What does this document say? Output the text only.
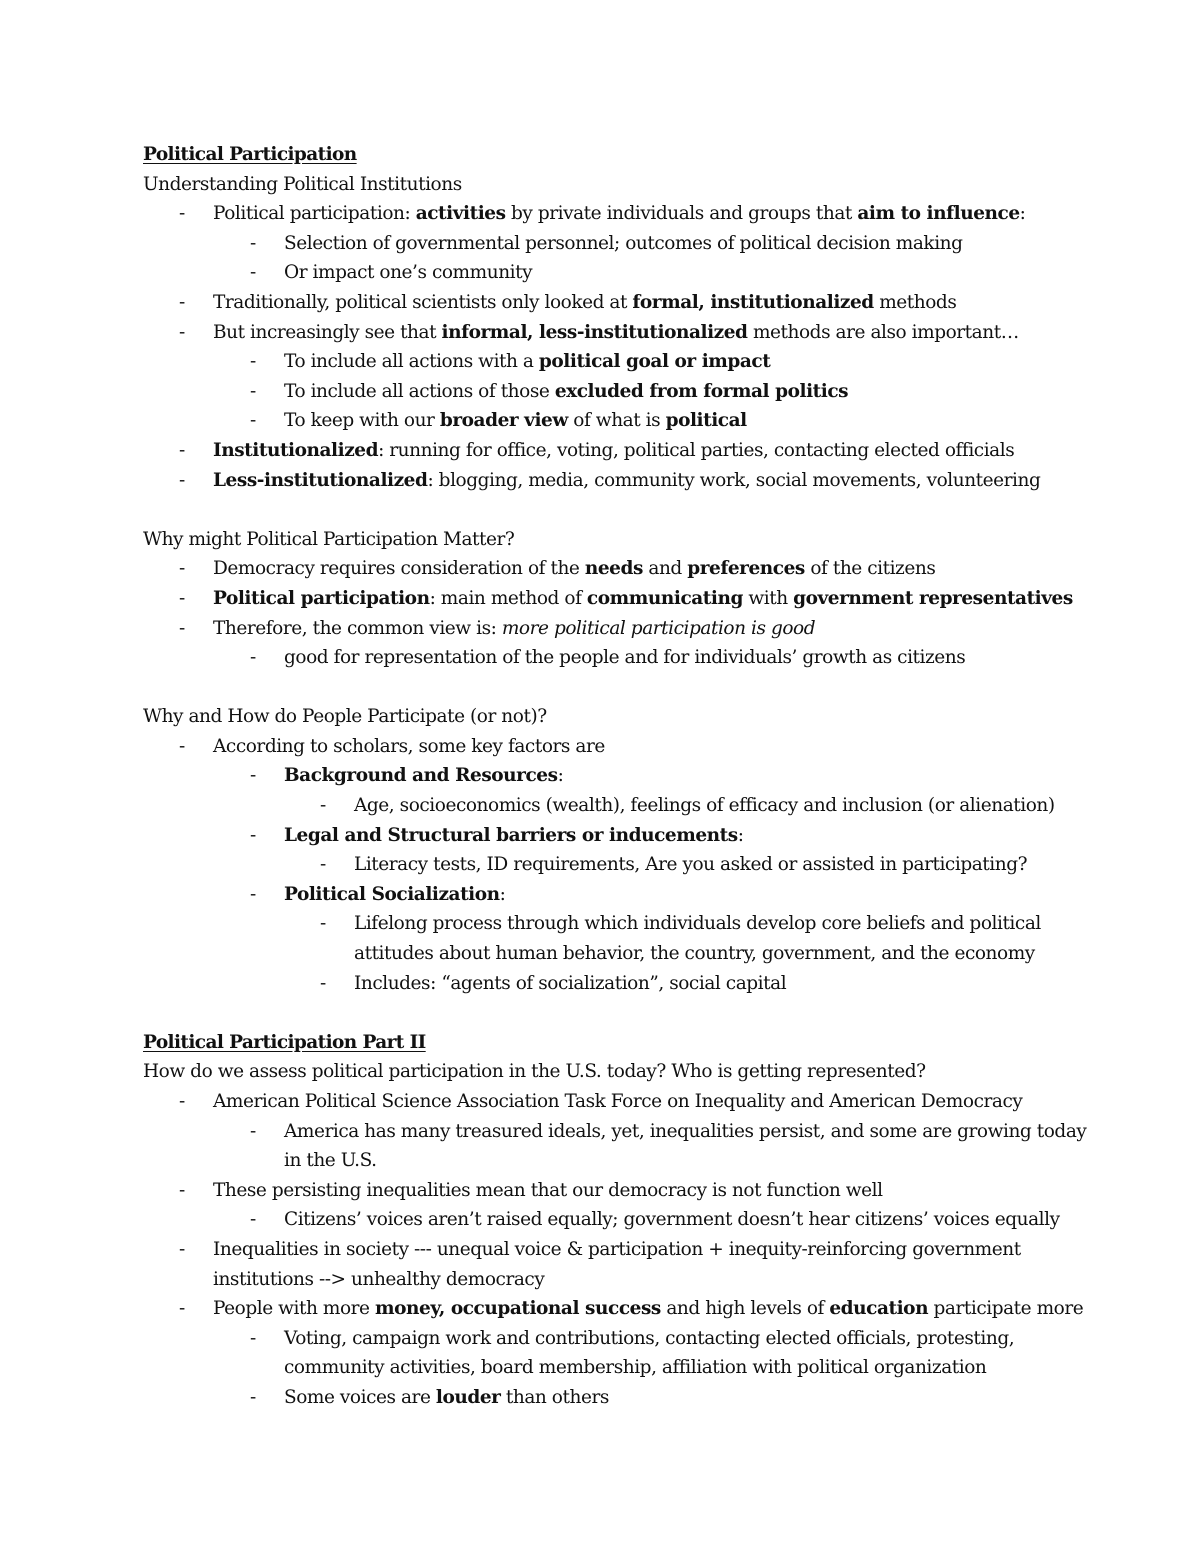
Political Participation
Understanding Political Institutions
- Political participation: activities by private individuals and groups that aim to influence:
- Selection of governmental personnel; outcomes of political decision making
- Or impact one’s community
- Traditionally, political scientists only looked at formal, institutionalized methods
- But increasingly see that informal, less-institutionalized methods are also important…
- To include all actions with a political goal or impact
- To include all actions of those excluded from formal politics
- To keep with our broader view of what is political
- Institutionalized: running for office, voting, political parties, contacting elected officials
- Less-institutionalized: blogging, media, community work, social movements, volunteering
Why might Political Participation Matter?
- Democracy requires consideration of the needs and preferences of the citizens
- Political participation: main method of communicating with government representatives
- Therefore, the common view is: more political participation is good
- good for representation of the people and for individuals’ growth as citizens
Why and How do People Participate (or not)?
- According to scholars, some key factors are
- Background and Resources:
- Age, socioeconomics (wealth), feelings of efficacy and inclusion (or alienation)
- Legal and Structural barriers or inducements:
- Literacy tests, ID requirements, Are you asked or assisted in participating?
- Political Socialization:
- Lifelong process through which individuals develop core beliefs and political
attitudes about human behavior, the country, government, and the economy
- Includes: “agents of socialization”, social capital
Political Participation Part II
How do we assess political participation in the U.S. today? Who is getting represented?
- American Political Science Association Task Force on Inequality and American Democracy
- America has many treasured ideals, yet, inequalities persist, and some are growing today
in the U.S.
- These persisting inequalities mean that our democracy is not function well
- Citizens’ voices aren’t raised equally; government doesn’t hear citizens’ voices equally
- Inequalities in society --- unequal voice & participation + inequity-reinforcing government
institutions --> unhealthy democracy
- People with more money, occupational success and high levels of education participate more
- Voting, campaign work and contributions, contacting elected officials, protesting,
community activities, board membership, affiliation with political organization
- Some voices are louder than others
